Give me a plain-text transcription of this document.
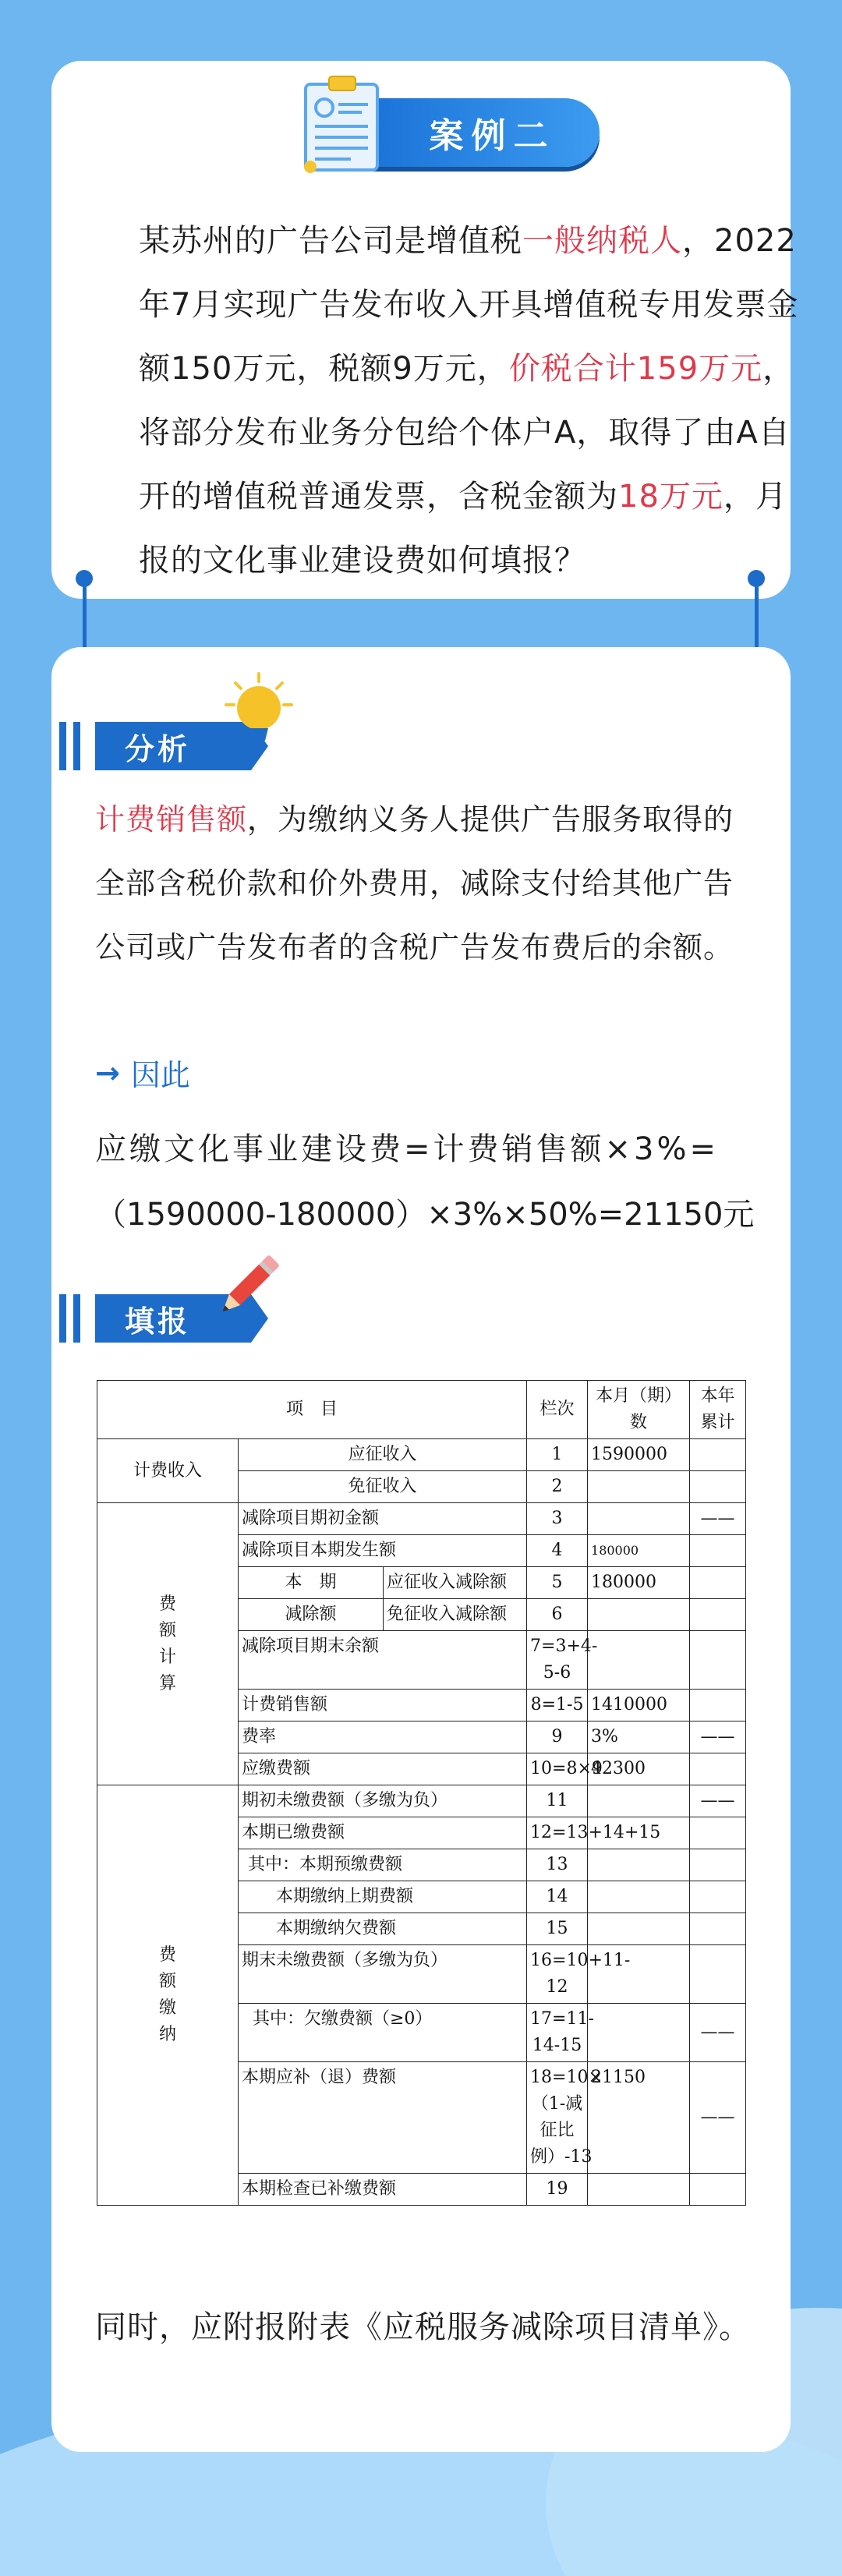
案例二
某苏州的广告公司是增值税一般纳税人，2022年7月实现广告发布收入开具增值税专用发票金额150万元，税额9万元，价税合计159万元，将部分发布业务分包给个体户A，取得了由A自开的增值税普通发票，含税金额为18万元，月报的文化事业建设费如何填报？
分析
计费销售额，为缴纳义务人提供广告服务取得的全部含税价款和价外费用，减除支付给其他广告公司或广告发布者的含税广告发布费后的余额。
→ 因此
应缴文化事业建设费=计费销售额×3%=
（1590000-180000）×3%×50%=21150元
填报
项　目			栏次	本月（期）数	本年累计
计费收入	应征收入		1	1590000	
	免征收入		2		

费额计算	减除项目期初金额		3		——
	减除项目本期发生额		4	180000	
	本　期	应征收入减除额	5	180000	
	减除额	免征收入减除额	6		
	减除项目期末余额		7=3+4-5-6		
	计费销售额		8=1-5	1410000	
	费率		9	3%	——
	应缴费额		10=8×9	42300	

费额缴纳	期初未缴费额（多缴为负）		11		——
	本期已缴费额		12=13+14+15		
	其中：本期预缴费额		13		
	本期缴纳上期费额		14		
	本期缴纳欠费额		15		
	期末未缴费额（多缴为负）		16=10+11-12		
	其中：欠缴费额（≥0）		17=11-14-15		——
	本期应补（退）费额		18=10×（1-减征比例）-13	21150	——
	本期检查已补缴费额		19		
同时，应附报附表《应税服务减除项目清单》。
